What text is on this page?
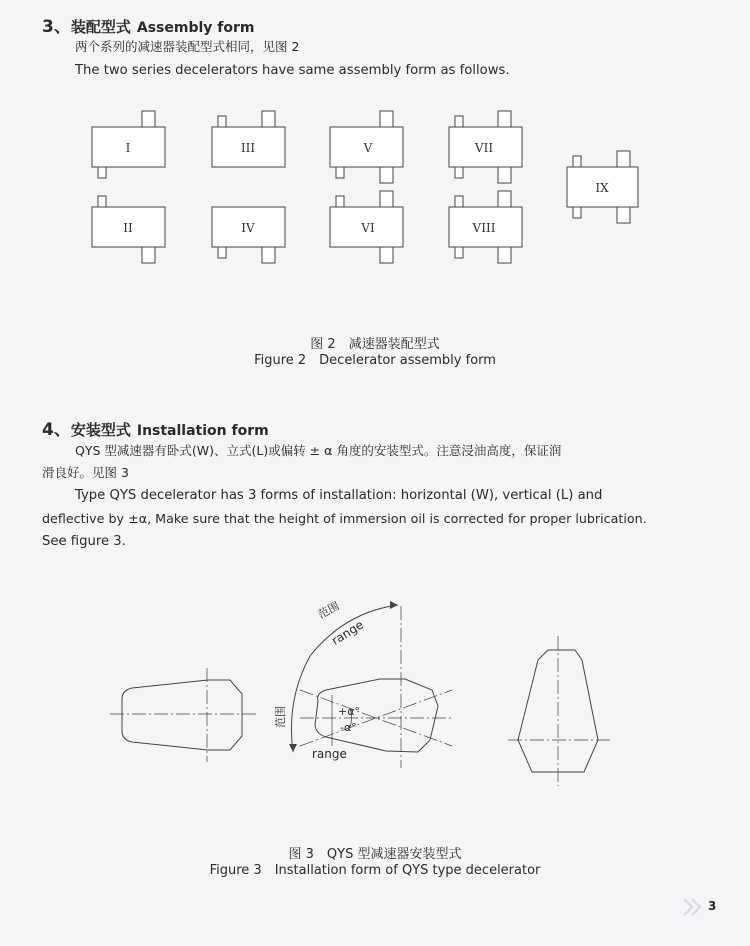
3、装配型式 Assembly form
两个系列的减速器装配型式相同，见图 2
The two series decelerators have same assembly form as follows.
I	III	V	VII
IX
II	IV	VI	VIII
图 2　减速器装配型式
Figure 2　Decelerator assembly form
4、安装型式 Installation form
QYS 型减速器有卧式(W)、立式(L)或偏转 ± α 角度的安装型式。注意浸油高度，保证润
滑良好。见图 3
Type QYS decelerator has 3 forms of installation: horizontal (W), vertical (L) and
deflective by ±α, Make sure that the height of immersion oil is corrected for proper lubrication.
See figure 3.
范围
range
范围
range
+α°
-α°
图 3　QYS 型减速器安装型式
Figure 3　Installation form of QYS type decelerator
3
